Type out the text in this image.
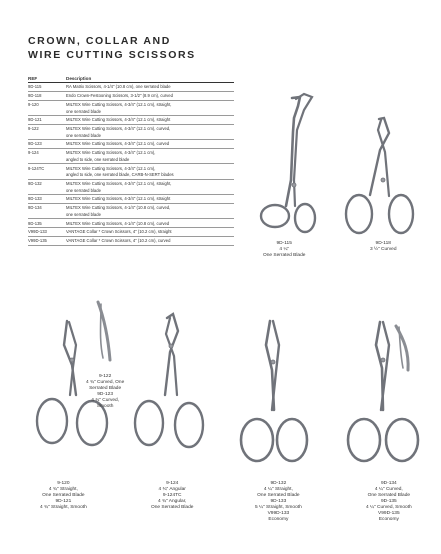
CROWN, COLLAR AND
WIRE CUTTING SCISSORS
REF	Description
9D-115	RA Matrix Scissors, 4-1/4" (10.8 cm), one serrated blade
9D-118	Endo Crown-Festooning Scissors, 3-1/2" (8.9 cm), curved
9-120	MILTEX Wire Cutting Scissors, 4-3/4" (12.1 cm), straight,
one serrated blade
9D-121	MILTEX Wire Cutting Scissors, 4-3/4" (12.1 cm), straight
9-122	MILTEX Wire Cutting Scissors, 4-3/4" (12.1 cm), curved,
one serrated blade
9D-123	MILTEX Wire Cutting Scissors, 4-3/4" (12.1 cm), curved
9-124	MILTEX Wire Cutting Scissors, 4-3/4" (12.1 cm),
angled to side, one serrated blade
9-124TC	MILTEX Wire Cutting Scissors, 4-3/4" (12.1 cm),
angled to side, one serrated blade, CARB-N-SERT blades
9D-132	MILTEX Wire Cutting Scissors, 4-3/4" (12.1 cm), straight,
one serrated blade
9D-133	MILTEX Wire Cutting Scissors, 4-3/4" (12.1 cm), straight
9D-134	MILTEX Wire Cutting Scissors, 4-1/4" (10.8 cm), curved,
one serrated blade
9D-135	MILTEX Wire Cutting Scissors, 4-1/4" (10.8 cm), curved
V99D-133	VANTAGE Collar * Crown Scissors, 4" (10.2 cm), straight
V99D-135	VANTAGE Collar * Crown Scissors, 4" (10.2 cm), curved
9D-115
4 ¼"
One Serrated Blade
9D-118
3 ½" Curved
9-122
4 ¾" Curved, One
Serrated Blade
9D-123
4 ¾" Curved,
Smooth
9-120
4 ¾" Straight,
One Serrated Blade
9D-121
4 ¾" Straight, Smooth
9-124
4 ¾" Angular
9-124TC
4 ¾" Angular,
One Serrated Blade
9D-132
4 ¼" Straight,
One Serrated Blade
9D-133
5 ¼" Straight, Smooth
V99D-133
Economy
9D-134
4 ¼" Curved,
One Serrated Blade
9D-135
4 ¼" Curved, Smooth
V99D-135
Economy
